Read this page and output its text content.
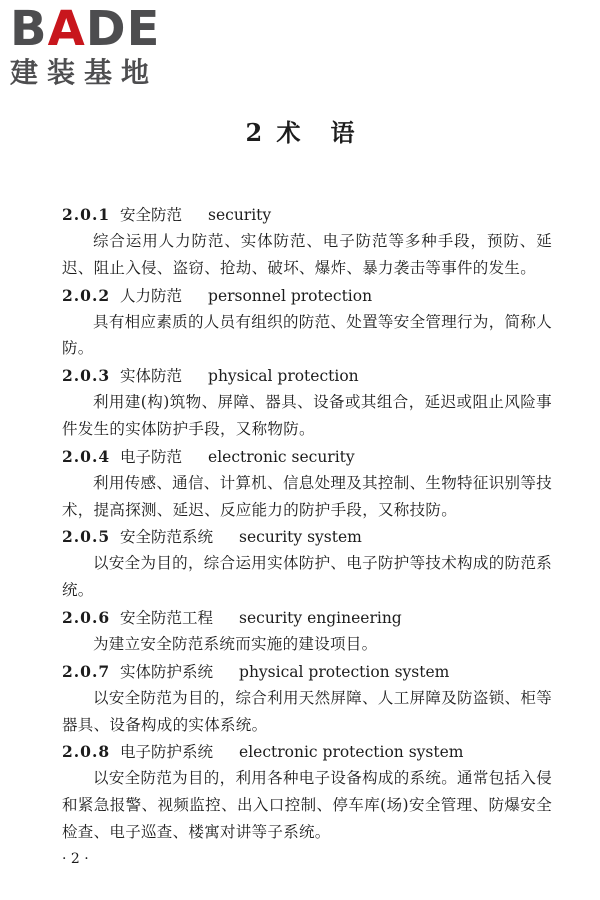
BADE
建装基地
2 术语
2.0.1 安全防范 security
综合运用人力防范、实体防范、电子防范等多种手段，预防、延迟、阻止入侵、盗窃、抢劫、破坏、爆炸、暴力袭击等事件的发生。
2.0.2 人力防范 personnel protection
具有相应素质的人员有组织的防范、处置等安全管理行为，简称人防。
2.0.3 实体防范 physical protection
利用建(构)筑物、屏障、器具、设备或其组合，延迟或阻止风险事件发生的实体防护手段，又称物防。
2.0.4 电子防范 electronic security
利用传感、通信、计算机、信息处理及其控制、生物特征识别等技术，提高探测、延迟、反应能力的防护手段，又称技防。
2.0.5 安全防范系统 security system
以安全为目的，综合运用实体防护、电子防护等技术构成的防范系统。
2.0.6 安全防范工程 security engineering
为建立安全防范系统而实施的建设项目。
2.0.7 实体防护系统 physical protection system
以安全防范为目的，综合利用天然屏障、人工屏障及防盗锁、柜等器具、设备构成的实体系统。
2.0.8 电子防护系统 electronic protection system
以安全防范为目的，利用各种电子设备构成的系统。通常包括入侵和紧急报警、视频监控、出入口控制、停车库(场)安全管理、防爆安全检查、电子巡查、楼寓对讲等子系统。
· 2 ·
